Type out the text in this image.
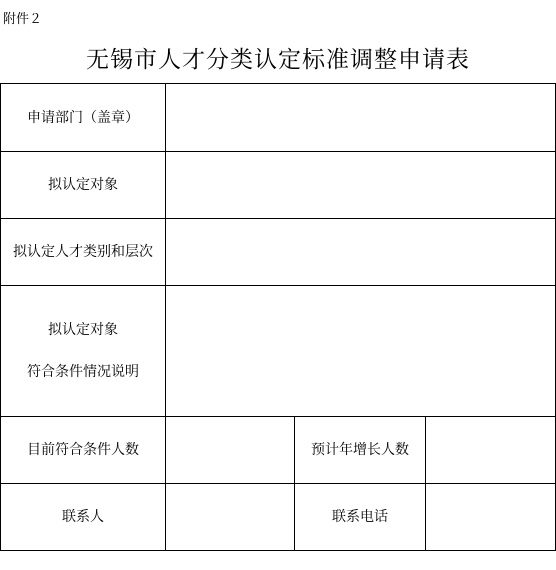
附件２
无锡市人才分类认定标准调整申请表
申请部门（盖章）
拟认定对象
拟认定人才类别和层次
拟认定对象
符合条件情况说明
目前符合条件人数	预计年增长人数
联系人	联系电话
